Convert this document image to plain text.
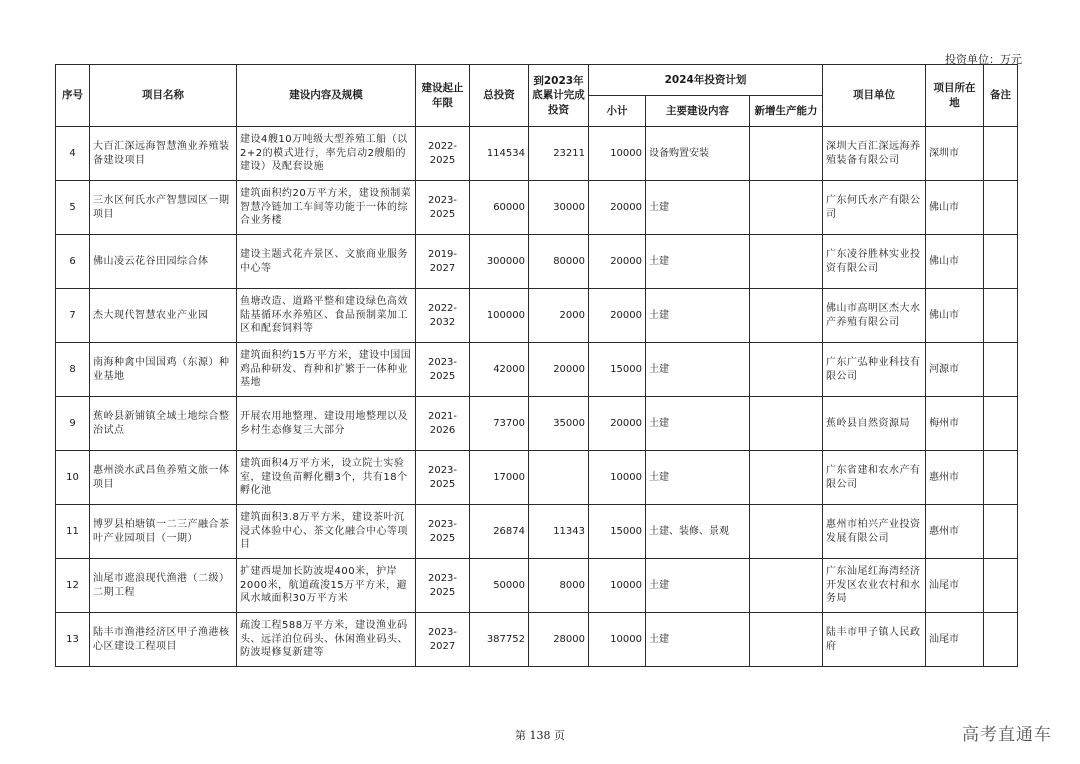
投资单位：万元
序号	项目名称	建设内容及规模	建设起止年限	总投资	到2023年底累计完成投资	2024年投资计划			项目单位	项目所在地	备注
						小计	主要建设内容	新增生产能力			
4	大百汇深远海智慧渔业养殖装备建设项目	建设4艘10万吨级大型养殖工船（以2+2的模式进行，率先启动2艘船的建设）及配套设施	2022-2025	114534	23211	10000	设备购置安装		深圳大百汇深远海养殖装备有限公司	深圳市	
5	三水区何氏水产智慧园区一期项目	建筑面积约20万平方米，建设预制菜智慧冷链加工车间等功能于一体的综合业务楼	2023-2025	60000	30000	20000	土建		广东何氏水产有限公司	佛山市	
6	佛山凌云花谷田园综合体	建设主题式花卉景区、文旅商业服务中心等	2019-2027	300000	80000	20000	土建		广东凌谷胜林实业投资有限公司	佛山市	
7	杰大现代智慧农业产业园	鱼塘改造、道路平整和建设绿色高效陆基循环水养殖区、食品预制菜加工区和配套饲料等	2022-2032	100000	2000	20000	土建		佛山市高明区杰大水产养殖有限公司	佛山市	
8	南海种禽中国国鸡（东源）种业基地	建筑面积约15万平方米，建设中国国鸡品种研发、育种和扩繁于一体种业基地	2023-2025	42000	20000	15000	土建		广东广弘种业科技有限公司	河源市	
9	蕉岭县新铺镇全域土地综合整治试点	开展农用地整理、建设用地整理以及乡村生态修复三大部分	2021-2026	73700	35000	20000	土建		蕉岭县自然资源局	梅州市	
10	惠州淡水武昌鱼养殖文旅一体项目	建筑面积4万平方米，设立院士实验室，建设鱼苗孵化棚3个，共有18个孵化池	2023-2025	17000		10000	土建		广东省建和农水产有限公司	惠州市	
11	博罗县柏塘镇一二三产融合茶叶产业园项目（一期）	建筑面积3.8万平方米，建设茶叶沉浸式体验中心、茶文化融合中心等项目	2023-2025	26874	11343	15000	土建、装修、景观		惠州市柏兴产业投资发展有限公司	惠州市	
12	汕尾市遮浪现代渔港（二级）二期工程	扩建西堤加长防波堤400米，护岸2000米，航道疏浚15万平方米，避风水域面积30万平方米	2023-2025	50000	8000	10000	土建		广东汕尾红海湾经济开发区农业农村和水务局	汕尾市	
13	陆丰市渔港经济区甲子渔港核心区建设工程项目	疏浚工程588万平方米，建设渔业码头、远洋泊位码头、休闲渔业码头、防波堤修复新建等	2023-2027	387752	28000	10000	土建		陆丰市甲子镇人民政府	汕尾市	
第 138 页	高考直通车
